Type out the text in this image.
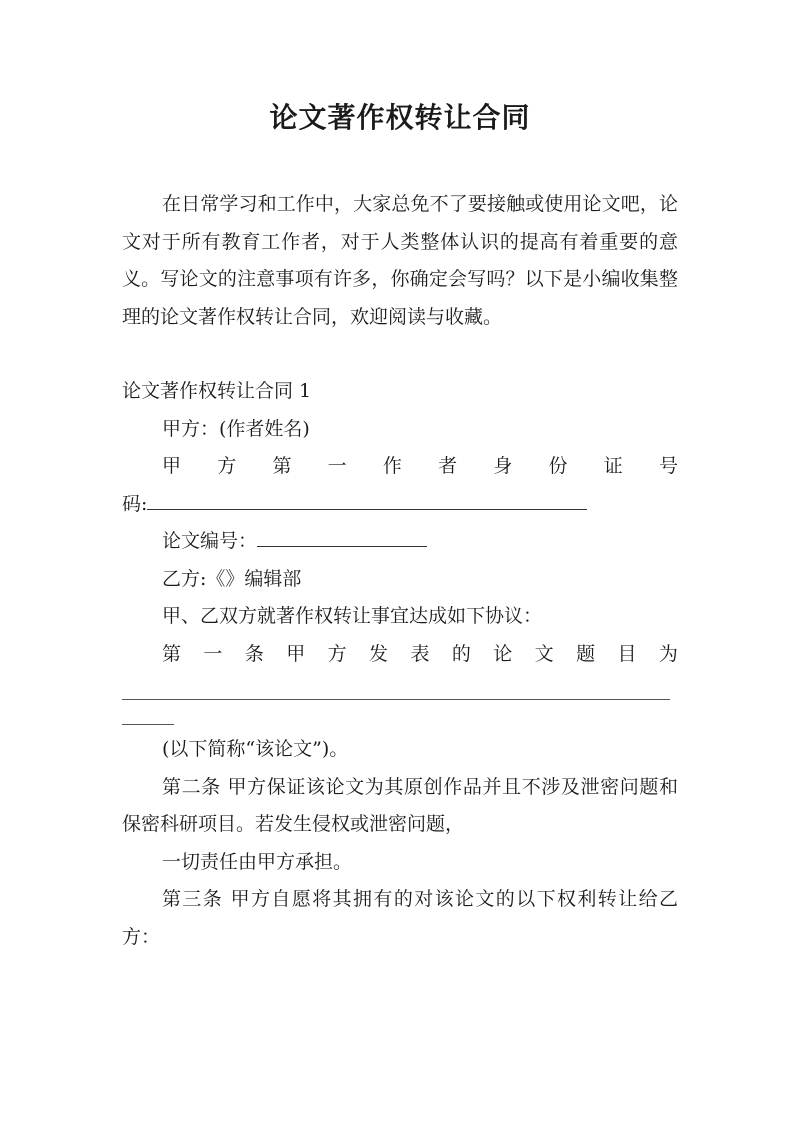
论文著作权转让合同

在日常学习和工作中，大家总免不了要接触或使用论文吧，论文对于所有教育工作者，对于人类整体认识的提高有着重要的意义。写论文的注意事项有许多，你确定会写吗？以下是小编收集整理的论文著作权转让合同，欢迎阅读与收藏。

论文著作权转让合同 1

甲方：(作者姓名)

甲 方 第 一 作 者 身 份 证 号

码:

论文编号：

乙方:《》编辑部

甲、乙双方就著作权转让事宜达成如下协议：

第 一 条 甲 方 发 表 的 论 文 题 目 为

(以下简称“该论文”)。

第二条 甲方保证该论文为其原创作品并且不涉及泄密问题和保密科研项目。若发生侵权或泄密问题，

一切责任由甲方承担。

第三条 甲方自愿将其拥有的对该论文的以下权利转让给乙方：
